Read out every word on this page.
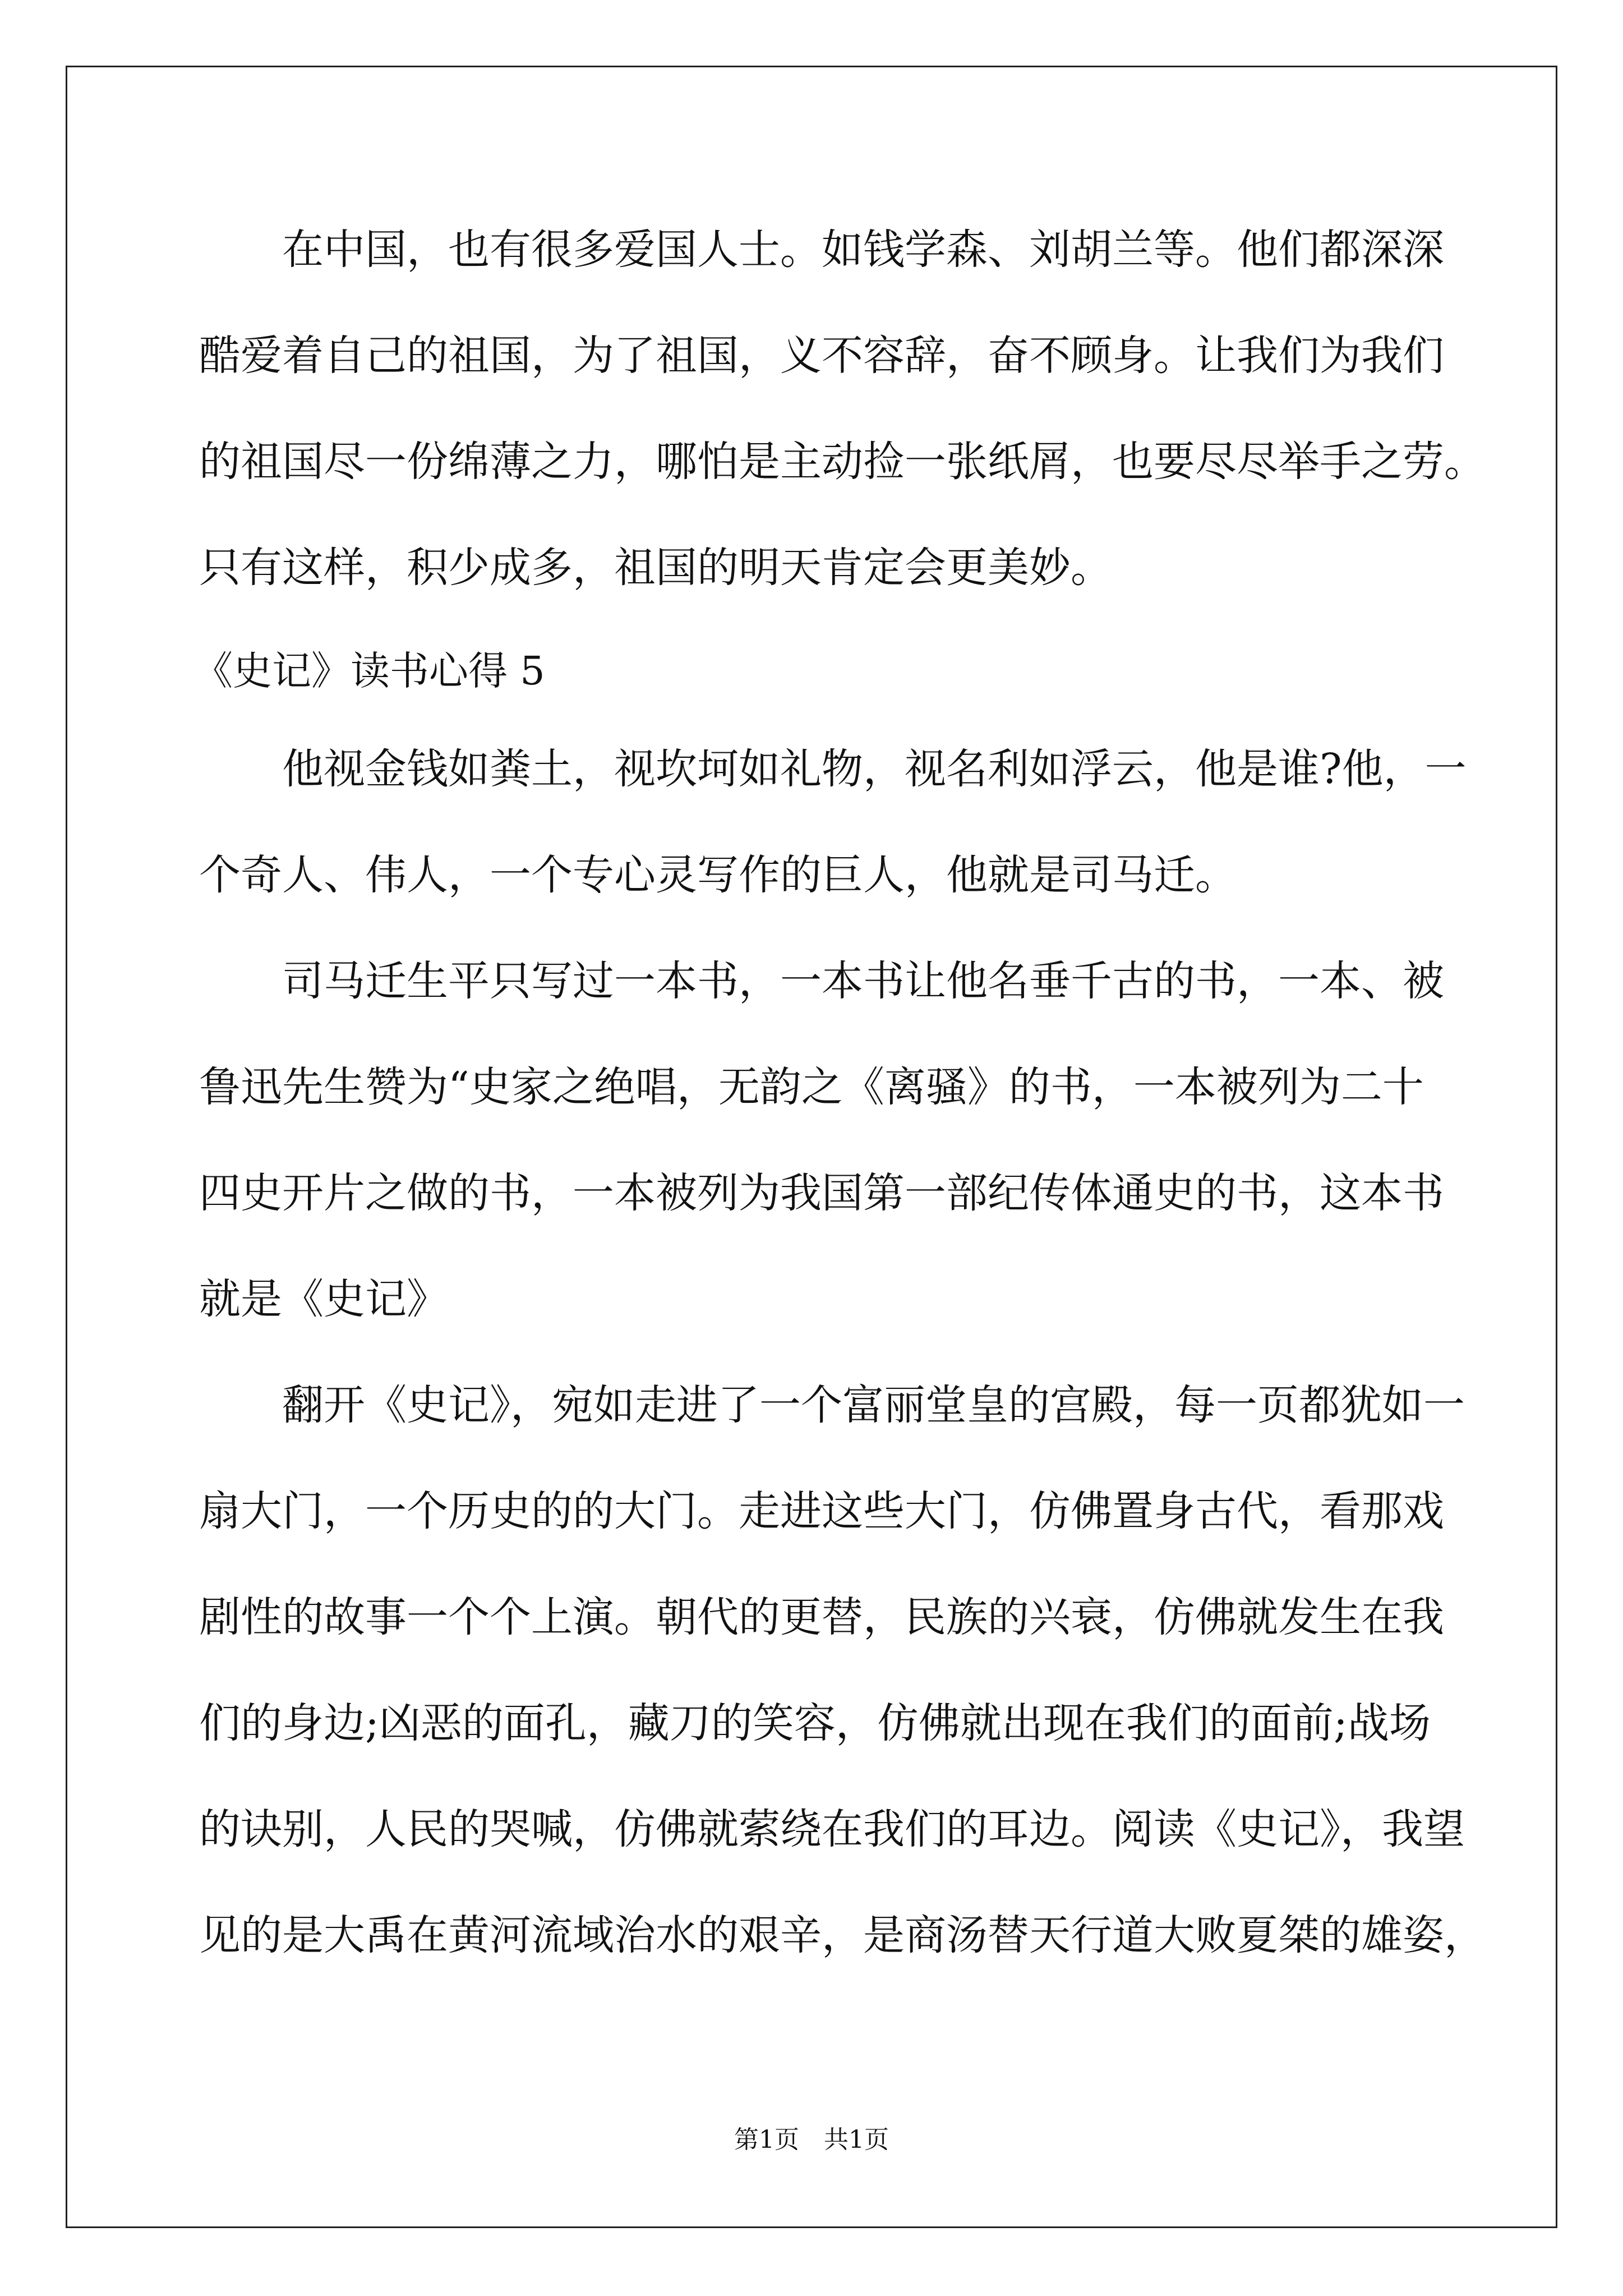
在中国，也有很多爱国人士。如钱学森、刘胡兰等。他们都深深
酷爱着自己的祖国，为了祖国，义不容辞，奋不顾身。让我们为我们
的祖国尽一份绵薄之力，哪怕是主动捡一张纸屑，也要尽尽举手之劳。
只有这样，积少成多，祖国的明天肯定会更美妙。
《史记》读书心得 5
他视金钱如粪土，视坎坷如礼物，视名利如浮云，他是谁?他，一
个奇人、伟人，一个专心灵写作的巨人，他就是司马迁。
司马迁生平只写过一本书，一本书让他名垂千古的书，一本、被
鲁迅先生赞为“史家之绝唱，无韵之《离骚》的书，一本被列为二十
四史开片之做的书，一本被列为我国第一部纪传体通史的书，这本书
就是《史记》
翻开《史记》，宛如走进了一个富丽堂皇的宫殿，每一页都犹如一
扇大门，一个历史的的大门。走进这些大门，仿佛置身古代，看那戏
剧性的故事一个个上演。朝代的更替，民族的兴衰，仿佛就发生在我
们的身边;凶恶的面孔，藏刀的笑容，仿佛就出现在我们的面前;战场
的诀别，人民的哭喊，仿佛就萦绕在我们的耳边。阅读《史记》，我望
见的是大禹在黄河流域治水的艰辛，是商汤替天行道大败夏桀的雄姿，
第1页　共1页
